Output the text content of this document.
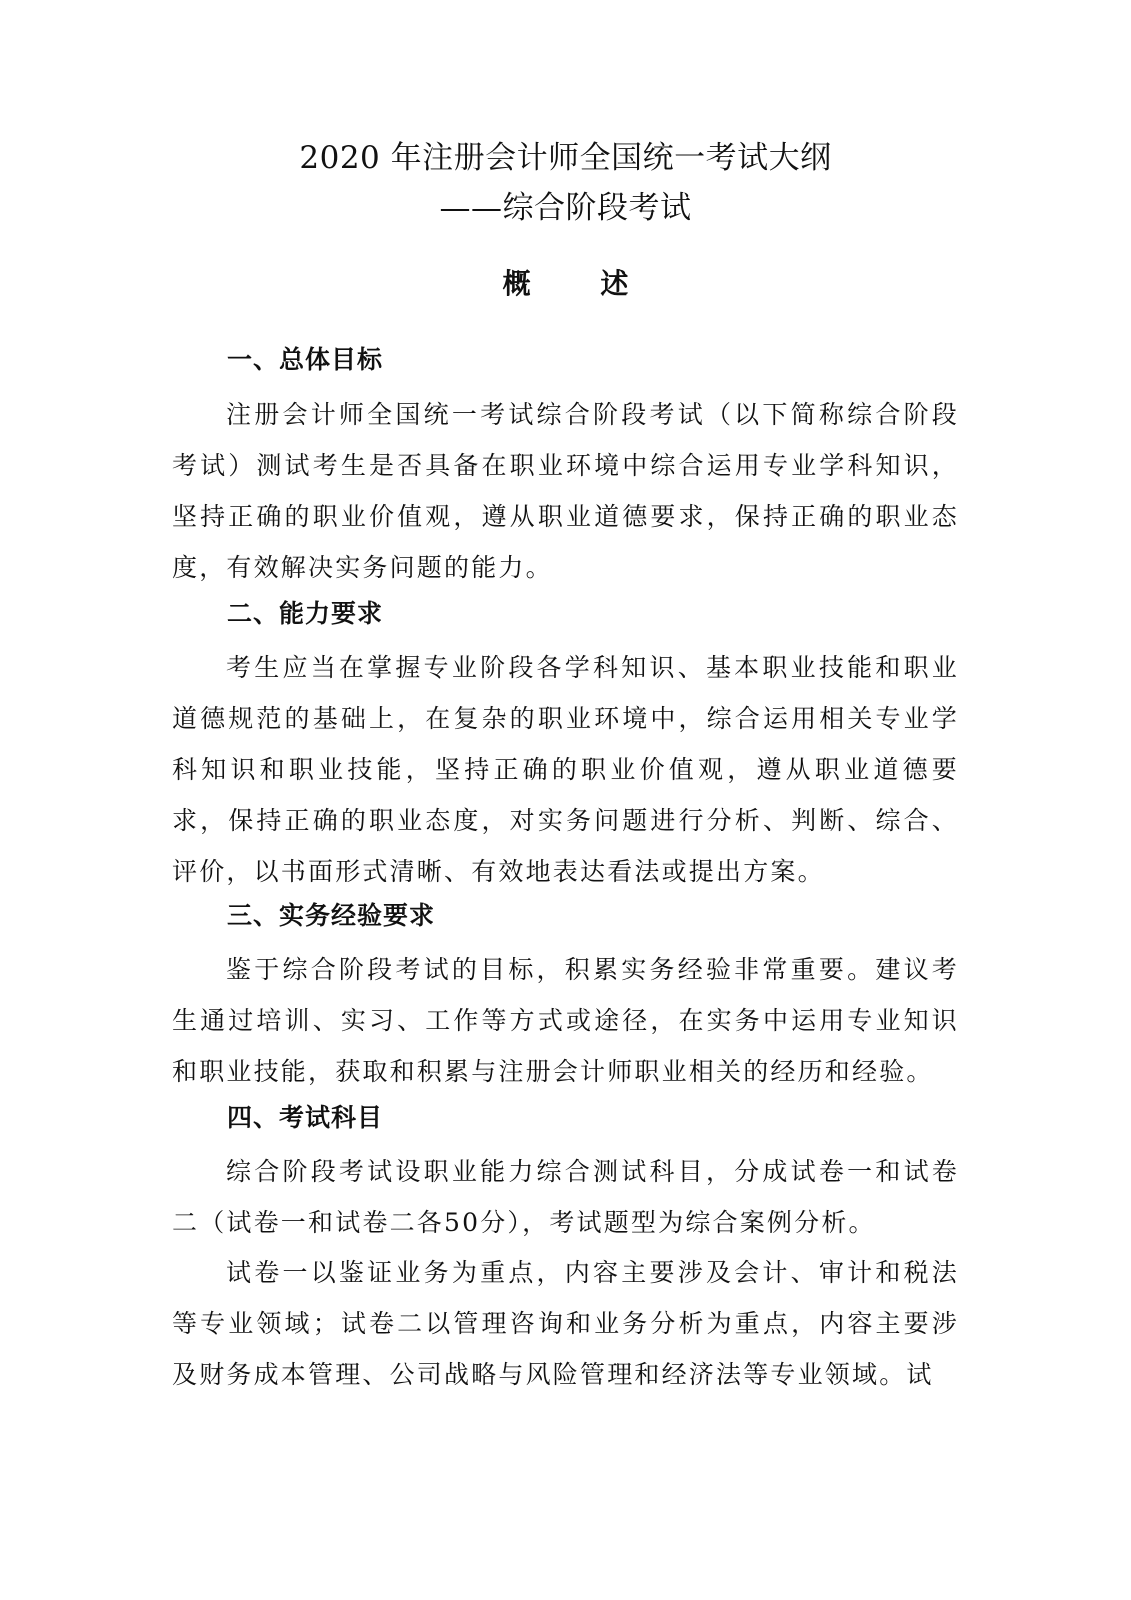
2020 年注册会计师全国统一考试大纲
——综合阶段考试
概 述
一、总体目标

注册会计师全国统一考试综合阶段考试（以下简称综合阶段考试）测试考生是否具备在职业环境中综合运用专业学科知识，坚持正确的职业价值观，遵从职业道德要求，保持正确的职业态度，有效解决实务问题的能力。

二、能力要求

考生应当在掌握专业阶段各学科知识、基本职业技能和职业道德规范的基础上，在复杂的职业环境中，综合运用相关专业学科知识和职业技能，坚持正确的职业价值观，遵从职业道德要求，保持正确的职业态度，对实务问题进行分析、判断、综合、评价，以书面形式清晰、有效地表达看法或提出方案。

三、实务经验要求

鉴于综合阶段考试的目标，积累实务经验非常重要。建议考生通过培训、实习、工作等方式或途径，在实务中运用专业知识和职业技能，获取和积累与注册会计师职业相关的经历和经验。

四、考试科目

综合阶段考试设职业能力综合测试科目，分成试卷一和试卷二（试卷一和试卷二各50分），考试题型为综合案例分析。

试卷一以鉴证业务为重点，内容主要涉及会计、审计和税法等专业领域；试卷二以管理咨询和业务分析为重点，内容主要涉及财务成本管理、公司战略与风险管理和经济法等专业领域。试
